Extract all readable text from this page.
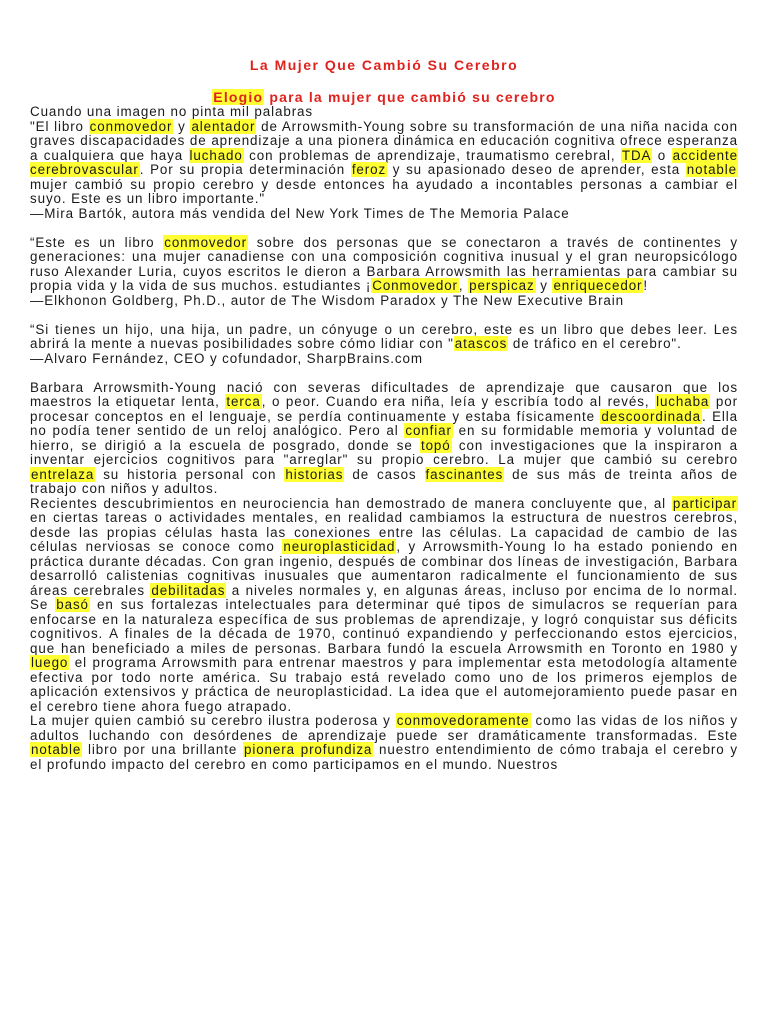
La Mujer Que Cambió Su Cerebro
Elogio para la mujer que cambió su cerebro

Cuando una imagen no pinta mil palabras

"El libro conmovedor y alentador de Arrowsmith-Young sobre su transformación de una niña nacida con graves discapacidades de aprendizaje a una pionera dinámica en educación cognitiva ofrece esperanza a cualquiera que haya luchado con problemas de aprendizaje, traumatismo cerebral, TDA o accidente cerebrovascular. Por su propia determinación feroz y su apasionado deseo de aprender, esta notable mujer cambió su propio cerebro y desde entonces ha ayudado a incontables personas a cambiar el suyo. Este es un libro importante."

—Mira Bartók, autora más vendida del New York Times de The Memoria Palace

“Este es un libro conmovedor sobre dos personas que se conectaron a través de continentes y generaciones: una mujer canadiense con una composición cognitiva inusual y el gran neuropsicólogo ruso Alexander Luria, cuyos escritos le dieron a Barbara Arrowsmith las herramientas para cambiar su propia vida y la vida de sus muchos. estudiantes ¡Conmovedor, perspicaz y enriquecedor!

—Elkhonon Goldberg, Ph.D., autor de The Wisdom Paradox y The New Executive Brain

“Si tienes un hijo, una hija, un padre, un cónyuge o un cerebro, este es un libro que debes leer. Les abrirá la mente a nuevas posibilidades sobre cómo lidiar con "atascos de tráfico en el cerebro".

—Alvaro Fernández, CEO y cofundador, SharpBrains.com

Barbara Arrowsmith-Young nació con severas dificultades de aprendizaje que causaron que los maestros la etiquetar lenta, terca, o peor. Cuando era niña, leía y escribía todo al revés, luchaba por procesar conceptos en el lenguaje, se perdía continuamente y estaba físicamente descoordinada. Ella no podía tener sentido de un reloj analógico. Pero al confiar en su formidable memoria y voluntad de hierro, se dirigió a la escuela de posgrado, donde se topó con investigaciones que la inspiraron a inventar ejercicios cognitivos para "arreglar" su propio cerebro. La mujer que cambió su cerebro entrelaza su historia personal con historias de casos fascinantes de sus más de treinta años de trabajo con niños y adultos.

Recientes descubrimientos en neurociencia han demostrado de manera concluyente que, al participar en ciertas tareas o actividades mentales, en realidad cambiamos la estructura de nuestros cerebros, desde las propias células hasta las conexiones entre las células. La capacidad de cambio de las células nerviosas se conoce como neuroplasticidad, y Arrowsmith-Young lo ha estado poniendo en práctica durante décadas. Con gran ingenio, después de combinar dos líneas de investigación, Barbara desarrolló calistenias cognitivas inusuales que aumentaron radicalmente el funcionamiento de sus áreas cerebrales debilitadas a niveles normales y, en algunas áreas, incluso por encima de lo normal. Se basó en sus fortalezas intelectuales para determinar qué tipos de simulacros se requerían para enfocarse en la naturaleza específica de sus problemas de aprendizaje, y logró conquistar sus déficits cognitivos. A finales de la década de 1970, continuó expandiendo y perfeccionando estos ejercicios, que han beneficiado a miles de personas. Barbara fundó la escuela Arrowsmith en Toronto en 1980 y luego el programa Arrowsmith para entrenar maestros y para implementar esta metodología altamente efectiva por todo norte américa. Su trabajo está revelado como uno de los primeros ejemplos de aplicación extensivos y práctica de neuroplasticidad. La idea que el automejoramiento puede pasar en el cerebro tiene ahora fuego atrapado.

La mujer quien cambió su cerebro ilustra poderosa y conmovedoramente como las vidas de los niños y adultos luchando con desórdenes de aprendizaje puede ser dramáticamente transformadas. Este notable libro por una brillante pionera profundiza nuestro entendimiento de cómo trabaja el cerebro y el profundo impacto del cerebro en como participamos en el mundo. Nuestros
